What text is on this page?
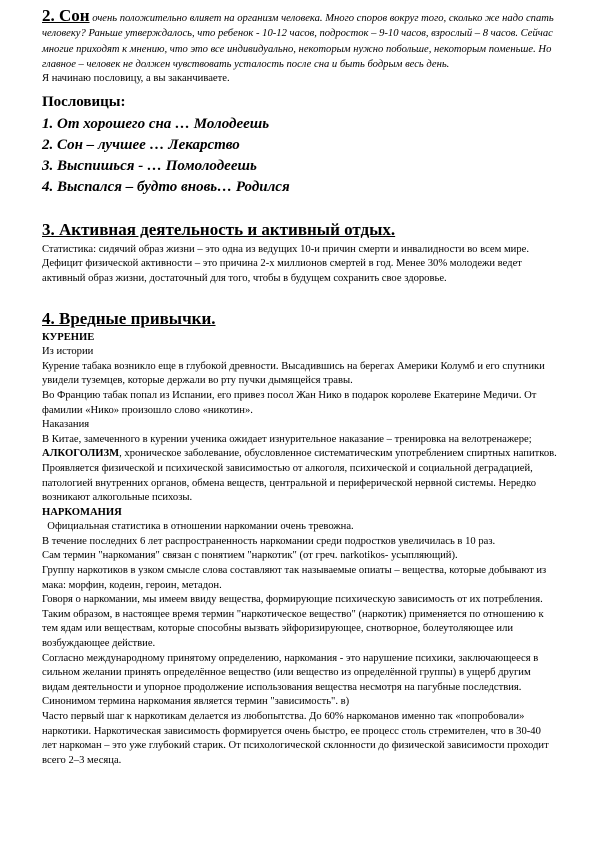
2. Сон очень положительно влияет на организм человека. Много споров вокруг того, сколько же надо спать человеку? Раньше утверждалось, что ребенок - 10-12 часов, подросток – 9-10 часов, взрослый – 8 часов. Сейчас многие приходят к мнению, что это все индивидуально, некоторым нужно побольше, некоторым поменьше. Но главное – человек не должен чувствовать усталость после сна и быть бодрым весь день.

Я начинаю пословицу, а вы заканчиваете.

Пословицы:

1. От хорошего сна … Молодеешь

2. Сон – лучшее … Лекарство

3. Выспишься - … Помолодеешь

4. Выспался – будто вновь… Родился

3. Активная деятельность и активный отдых.

Статистика: сидячий образ жизни – это одна из ведущих 10-и причин смерти и инвалидности во всем мире. Дефицит физической активности – это причина 2-х миллионов смертей в год. Менее 30% молодежи ведет активный образ жизни, достаточный для того, чтобы в будущем сохранить свое здоровье.

4. Вредные привычки.

КУРЕНИЕ

Из истории

Курение табака возникло еще в глубокой древности. Высадившись на берегах Америки Колумб и его спутники увидели туземцев, которые держали во рту пучки дымящейся травы.

Во Францию табак попал из Испании, его привез посол Жан Нико в подарок королеве Екатерине Медичи. От фамилии «Нико» произошло слово «никотин».

Наказания

В Китае, замеченного в курении ученика ожидает изнурительное наказание – тренировка на велотренажере;

АЛКОГОЛИЗМ, хроническое заболевание, обусловленное систематическим употреблением спиртных напитков. Проявляется физической и психической зависимостью от алкоголя, психической и социальной деградацией, патологией внутренних органов, обмена веществ, центральной и периферической нервной системы. Нередко возникают алкогольные психозы.

НАРКОМАНИЯ

Официальная статистика в отношении наркомании очень тревожна.

В течение последних 6 лет распространенность наркомании среди подростков увеличилась в 10 раз.

Сам термин "наркомания" связан с понятием "наркотик" (от греч. narkotikos- усыпляющий).

Группу наркотиков в узком смысле слова составляют так называемые опиаты – вещества, которые добывают из мака: морфин, кодеин, героин, метадон.

Говоря о наркомании, мы имеем ввиду вещества, формирующие психическую зависимость от их потребления. Таким образом, в настоящее время термин "наркотическое вещество" (наркотик) применяется по отношению к тем ядам или веществам, которые способны вызвать эйфоризирующее, снотворное, болеутоляющее или возбуждающее действие.

Согласно международному принятому определению, наркомания - это нарушение психики, заключающееся в сильном желании принять определённое вещество (или вещество из определённой группы) в ущерб другим видам деятельности и упорное продолжение использования вещества несмотря на пагубные последствия. Синонимом термина наркомания является термин "зависимость". в)

Часто первый шаг к наркотикам делается из любопытства. До 60% наркоманов именно так «попробовали» наркотики. Наркотическая зависимость формируется очень быстро, ее процесс столь стремителен, что в 30-40 лет наркоман – это уже глубокий старик. От психологической склонности до физической зависимости проходит всего 2–3 месяца.
